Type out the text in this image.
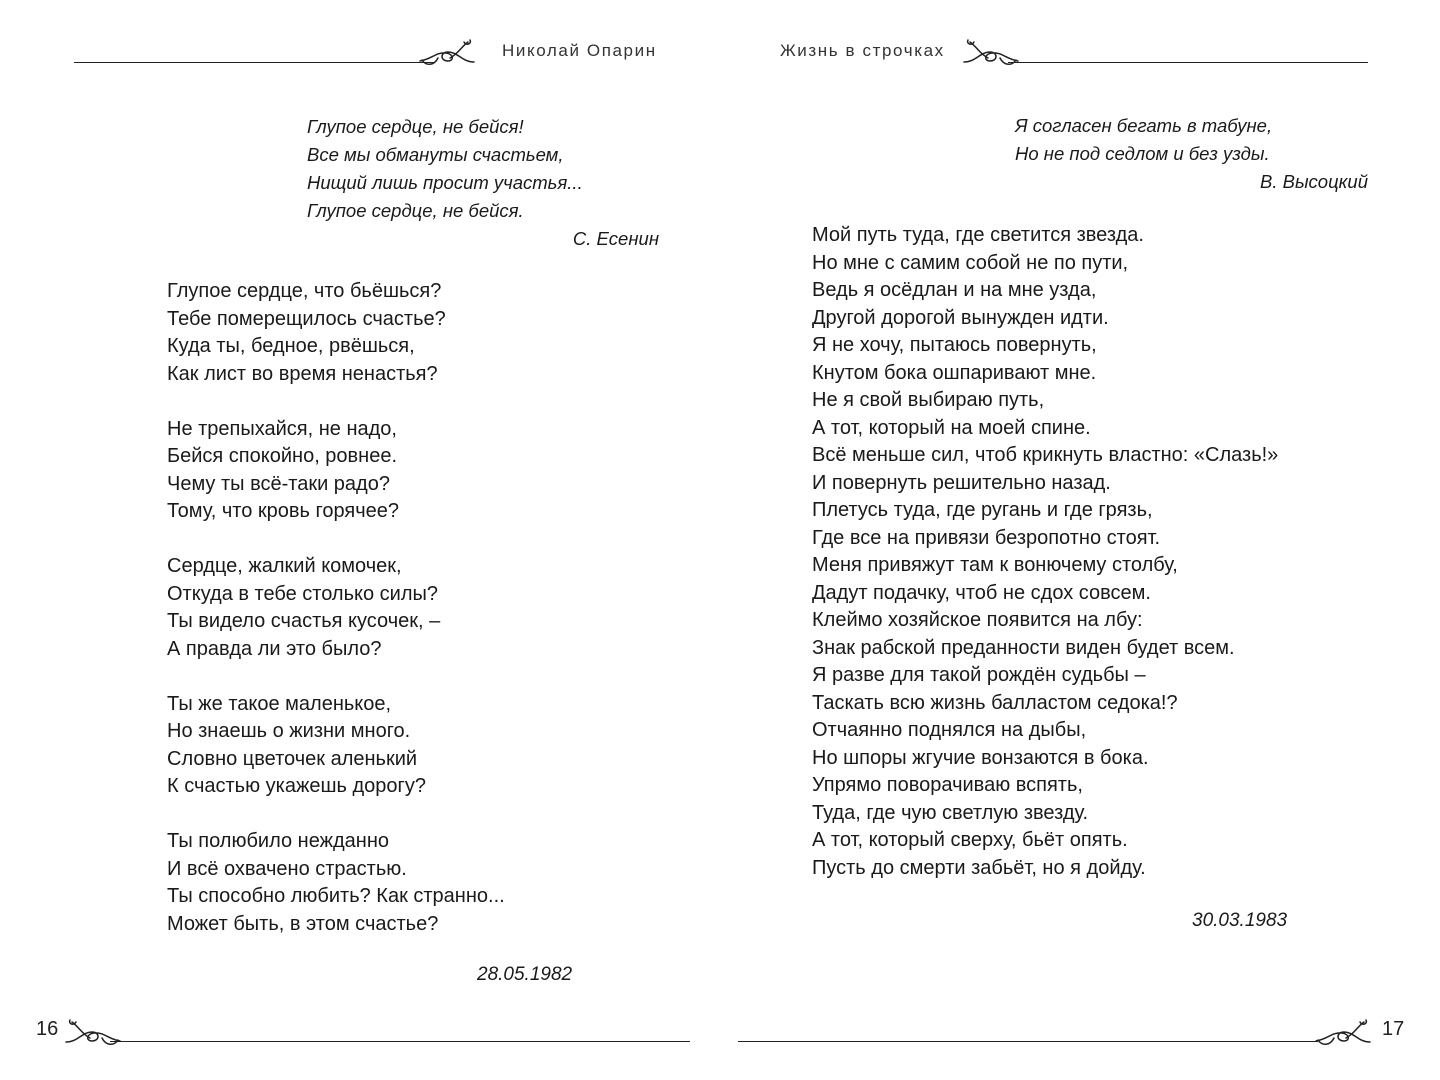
Николай Опарин
Глупое сердце, не бейся!
Все мы обмануты счастьем,
Нищий лишь просит участья...
Глупое сердце, не бейся.
С. Есенин
Глупое сердце, что бьёшься?
Тебе померещилось счастье?
Куда ты, бедное, рвёшься,
Как лист во время ненастья?
Не трепыхайся, не надо,
Бейся спокойно, ровнее.
Чему ты всё-таки радо?
Тому, что кровь горячее?
Сердце, жалкий комочек,
Откуда в тебе столько силы?
Ты видело счастья кусочек, –
А правда ли это было?
Ты же такое маленькое,
Но знаешь о жизни много.
Словно цветочек аленький
К счастью укажешь дорогу?
Ты полюбило нежданно
И всё охвачено страстью.
Ты способно любить? Как странно...
Может быть, в этом счастье?
28.05.1982
16
Жизнь в строчках
Я согласен бегать в табуне,
Но не под седлом и без узды.
В. Высоцкий
Мой путь туда, где светится звезда.
Но мне с самим собой не по пути,
Ведь я осёдлан и на мне узда,
Другой дорогой вынужден идти.
Я не хочу, пытаюсь повернуть,
Кнутом бока ошпаривают мне.
Не я свой выбираю путь,
А тот, который на моей спине.
Всё меньше сил, чтоб крикнуть властно: «Слазь!»
И повернуть решительно назад.
Плетусь туда, где ругань и где грязь,
Где все на привязи безропотно стоят.
Меня привяжут там к вонючему столбу,
Дадут подачку, чтоб не сдох совсем.
Клеймо хозяйское появится на лбу:
Знак рабской преданности виден будет всем.
Я разве для такой рождён судьбы –
Таскать всю жизнь балластом седока!?
Отчаянно поднялся на дыбы,
Но шпоры жгучие вонзаются в бока.
Упрямо поворачиваю вспять,
Туда, где чую светлую звезду.
А тот, который сверху, бьёт опять.
Пусть до смерти забьёт, но я дойду.
30.03.1983
17
